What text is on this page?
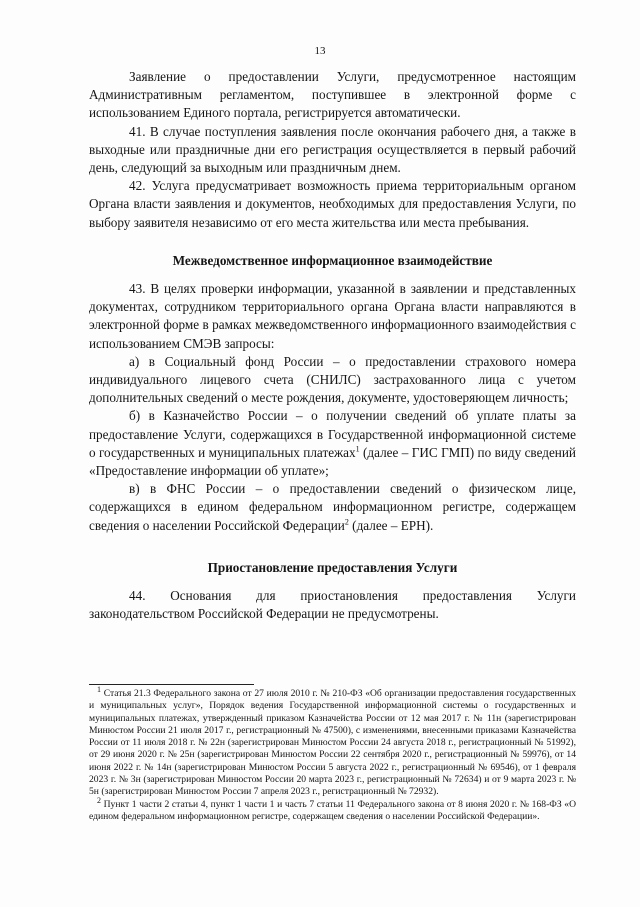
13

Заявление о предоставлении Услуги, предусмотренное настоящим Административным регламентом, поступившее в электронной форме с использованием Единого портала, регистрируется автоматически.

41. В случае поступления заявления после окончания рабочего дня, а также в выходные или праздничные дни его регистрация осуществляется в первый рабочий день, следующий за выходным или праздничным днем.

42. Услуга предусматривает возможность приема территориальным органом Органа власти заявления и документов, необходимых для предоставления Услуги, по выбору заявителя независимо от его места жительства или места пребывания.

Межведомственное информационное взаимодействие

43. В целях проверки информации, указанной в заявлении и представленных документах, сотрудником территориального органа Органа власти направляются в электронной форме в рамках межведомственного информационного взаимодействия с использованием СМЭВ запросы:

а) в Социальный фонд России – о предоставлении страхового номера индивидуального лицевого счета (СНИЛС) застрахованного лица с учетом дополнительных сведений о месте рождения, документе, удостоверяющем личность;

б) в Казначейство России – о получении сведений об уплате платы за предоставление Услуги, содержащихся в Государственной информационной системе о государственных и муниципальных платежах$^1$ (далее – ГИС ГМП) по виду сведений «Предоставление информации об уплате»;

в) в ФНС России – о предоставлении сведений о физическом лице, содержащихся в едином федеральном информационном регистре, содержащем сведения о населении Российской Федерации$^2$ (далее – ЕРН).

Приостановление предоставления Услуги

44. Основания для приостановления предоставления Услуги законодательством Российской Федерации не предусмотрены.

$^1$ Статья 21.3 Федерального закона от 27 июля 2010 г. № 210-ФЗ «Об организации предоставления государственных и муниципальных услуг», Порядок ведения Государственной информационной системы о государственных и муниципальных платежах, утвержденный приказом Казначейства России от 12 мая 2017 г. № 11н (зарегистрирован Минюстом России 21 июля 2017 г., регистрационный № 47500), с изменениями, внесенными приказами Казначейства России от 11 июля 2018 г. № 22н (зарегистрирован Минюстом России 24 августа 2018 г., регистрационный № 51992), от 29 июня 2020 г. № 25н (зарегистрирован Минюстом России 22 сентября 2020 г., регистрационный № 59976), от 14 июня 2022 г. № 14н (зарегистрирован Минюстом России 5 августа 2022 г., регистрационный № 69546), от 1 февраля 2023 г. № 3н (зарегистрирован Минюстом России 20 марта 2023 г., регистрационный № 72634) и от 9 марта 2023 г. № 5н (зарегистрирован Минюстом России 7 апреля 2023 г., регистрационный № 72932).

$^2$ Пункт 1 части 2 статьи 4, пункт 1 части 1 и часть 7 статьи 11 Федерального закона от 8 июня 2020 г. № 168-ФЗ «О едином федеральном информационном регистре, содержащем сведения о населении Российской Федерации».
